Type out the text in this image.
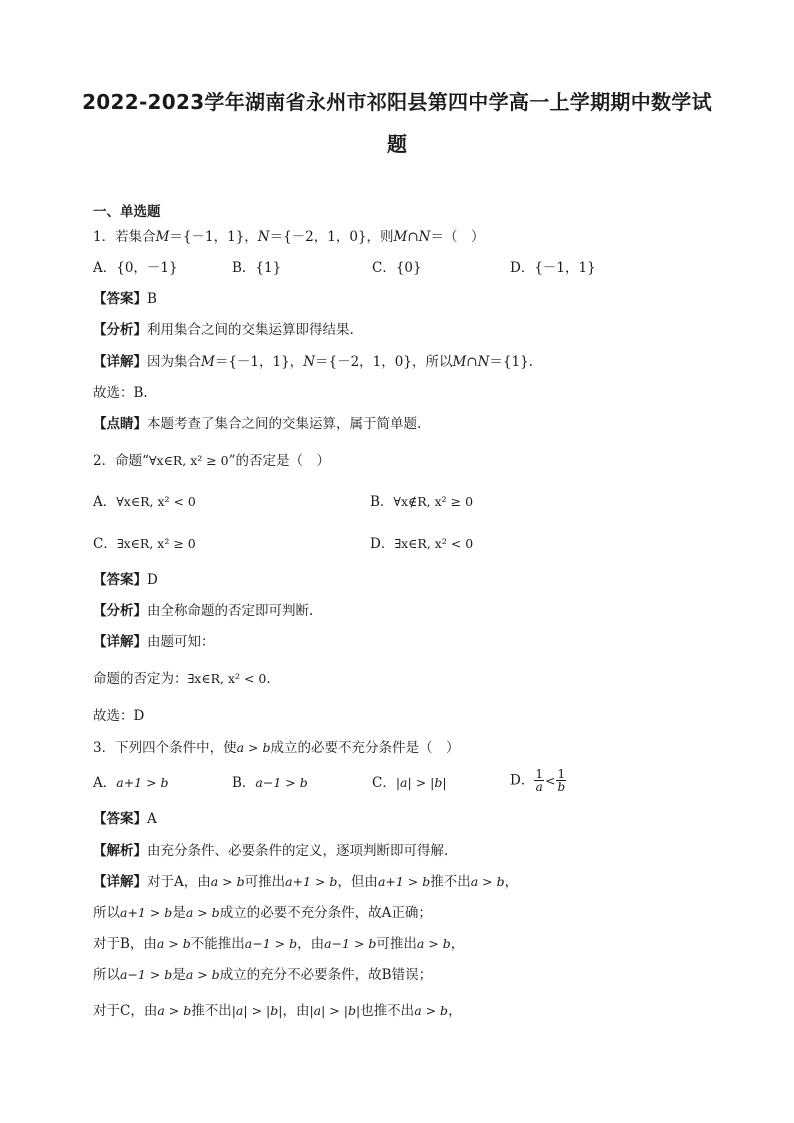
2022-2023学年湖南省永州市祁阳县第四中学高一上学期期中数学试
题
一、单选题
1．若集合M＝{－1，1}，N＝{－2，1，0}，则M∩N＝（　）
A．{0，－1}	B．{1}	C．{0}	D．{－1，1}
【答案】B
【分析】利用集合之间的交集运算即得结果.
【详解】因为集合M＝{－1，1}，N＝{－2，1，0}，所以M∩N＝{1}.
故选：B.
【点睛】本题考查了集合之间的交集运算，属于简单题.
2．命题“∀x∈R, x² ≥ 0”的否定是（　）
A．∀x∈R, x² < 0	B．∀x∉R, x² ≥ 0
C．∃x∈R, x² ≥ 0	D．∃x∈R, x² < 0
【答案】D
【分析】由全称命题的否定即可判断.
【详解】由题可知：
命题的否定为：∃x∈R, x² < 0.
故选：D
3．下列四个条件中，使a > b成立的必要不充分条件是（　）
A．a+1 > b	B．a−1 > b	C．|a| > |b|	D． $\frac{1}{a} < \frac{1}{b}$
【答案】A
【解析】由充分条件、必要条件的定义，逐项判断即可得解.
【详解】对于A，由a > b可推出a+1 > b，但由a+1 > b推不出a > b，
所以a+1 > b是a > b成立的必要不充分条件，故A正确；
对于B，由a > b不能推出a−1 > b，由a−1 > b可推出a > b，
所以a−1 > b是a > b成立的充分不必要条件，故B错误；
对于C，由a > b推不出|a| > |b|，由|a| > |b|也推不出a > b，
